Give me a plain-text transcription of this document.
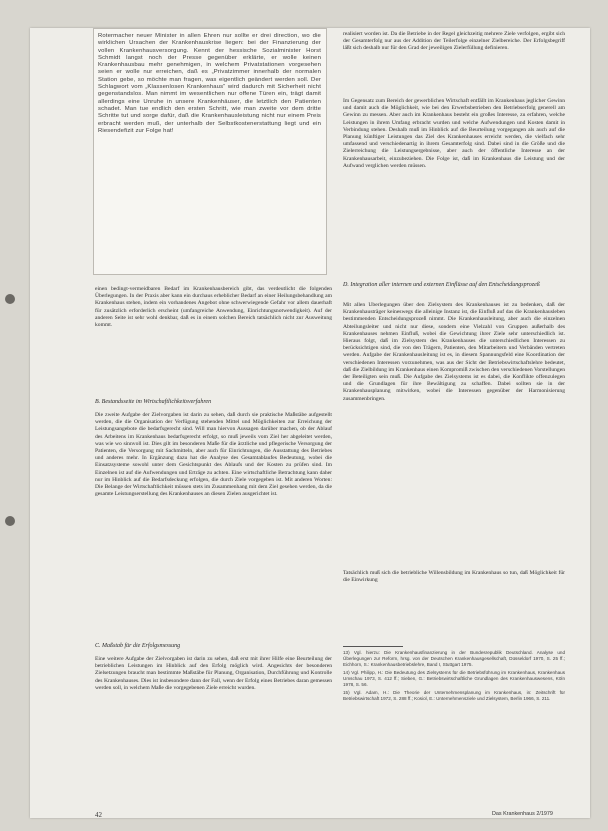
Rotermacher neuer Minister in allen Ehren nur sollte er drei direction, wo die wirklichen Ursachen der Krankenhauskrise liegen: bei der Finanzierung der vollen Krankenhausversorgung. Kennt der hessische Sozialminister Horst Schmidt langst noch der Presse gegenüber erklärte, er wolle keinen Krankenhausbau mehr genehmigen, in welchem Privatstationen vorgesehen seien er wolle nur erreichen, daß es „Privatzimmer innerhalb der normalen Station gebe, so möchte man fragen, was eigentlich geändert werden soll. Der Schlagwort vom „Klassenlosen Krankenhaus“ wird dadurch mit Sicherheit nicht gegenstandslos. Man nimmt im wesentlichen nur offene Türen ein, trägt damit allerdings eine Unruhe in unsere Krankenhäuser, die letztlich den Patienten schadet. Man tue endlich den ersten Schritt, wie man zweite vor dem dritte Schritte tut und sorge dafür, daß die Krankenhausleistung nicht nur einem Preis erbracht werden muß, der unterhalb der Selbstkostenerstattung liegt und ein Riesendefizit zur Folge hat!

einen bedingt-vermeidbaren Bedarf im Krankenhausbereich gibt, das verdeutlicht die folgenden Überlegungen. In der Praxis aber kann ein durchaus erheblicher Bedarf an einer Heilungsbehandlung am Krankenhaus stehen, indem ein vorhandenes Angebot ohne schwerwiegende Gefahr vor allem dauerhaft für zusätzlich erforderlich erscheint (umfangreiche Anwendung, Einrichtungsnotwendigkeit). Auf der anderen Seite ist sehr wohl denkbar, daß es in einem solchen Bereich tatsächlich nicht zur Ausweitung kommt.

B. Bestandsseite im Wirtschaftlichkeitsverfahren

Die zweite Aufgabe der Zielvorgaben ist darin zu sehen, daß durch sie praktische Maßstäbe aufgestellt werden, die die Organisation der Verfügung stehenden Mittel und Möglichkeiten zur Erreichung der Leistungsangebote die bedarfsgerecht sind. Will man hiervon Aussagen darüber machen, ob der Ablauf des Arbeitens im Krankenhaus bedarfsgerecht erfolgt, so muß jeweils vom Ziel her abgeleitet werden, was wie wo sinnvoll ist. Dies gilt im besonderen Maße für die ärztliche und pflegerische Versorgung der Patienten, die Versorgung mit Sachmitteln, aber auch für Einrichtungen, die Ausstattung des Betriebes und anderes mehr. In Ergänzung dazu hat die Analyse des Gesamtablaufes Bedeutung, wobei die Einsatzsysteme sowohl unter dem Gesichtspunkt des Ablaufs und der Kosten zu prüfen sind. Im Einzelnen ist auf die Aufwendungen und Erträge zu achten. Eine wirtschaftliche Betrachtung kann daher nur im Hinblick auf die Bedarfsdeckung erfolgen, die durch Ziele vorgegeben ist. Mit anderen Worten: Die Belange der Wirtschaftlichkeit müssen stets im Zusammenhang mit dem Ziel gesehen werden, da die gesamte Leistungserstellung des Krankenhauses an diesen Zielen ausgerichtet ist.

C. Maßstab für die Erfolgsmessung

Eine weitere Aufgabe der Zielvorgaben ist darin zu sehen, daß erst mit ihrer Hilfe eine Beurteilung der betrieblichen Leistungen im Hinblick auf den Erfolg möglich wird. Angesichts der besonderen Zielsetzungen braucht man bestimmte Maßstäbe für Planung, Organisation, Durchführung und Kontrolle des Krankenhauses. Dies ist insbesondere dann der Fall, wenn der Erfolg eines Betriebes daran gemessen werden soll, in welchem Maße die vorgegebenen Ziele erreicht wurden.

realisiert worden ist. Da die Betriebe in der Regel gleichzeitig mehrere Ziele verfolgen, ergibt sich der Gesamterfolg nur aus der Addition der Teilerfolge einzelner Zielbereiche. Der Erfolgsbegriff läßt sich deshalb nur für den Grad der jeweiligen Zielerfüllung definieren.

Im Gegensatz zum Bereich der gewerblichen Wirtschaft entfällt im Krankenhaus jeglicher Gewinn und damit auch die Möglichkeit, wie bei den Erwerbsbetrieben den Betriebserfolg generell am Gewinn zu messen. Aber auch im Krankenhaus besteht ein großes Interesse, zu erfahren, welche Leistungen in ihrem Umfang erbracht wurden und welche Aufwendungen und Kosten damit in Verbindung stehen. Deshalb muß im Hinblick auf die Beurteilung vorgegangen als auch auf die Planung künftiger Leistungen das Ziel des Krankenhauses erreicht werden, die vielfach sehr umfassend und verschiedenartig in ihrem Gesamterfolg sind. Dabei sind in die Größe und die Zielerreichung die Leistungsergebnisse, aber auch der öffentliche Interesse an der Krankenhausarbeit, einzubeziehen. Die Folge ist, daß im Krankenhaus die Leistung und der Aufwand verglichen werden müssen.

D. Integration aller internen und externen Einflüsse auf den Entscheidungsprozeß

Mit allen Überlegungen über den Zielsystem des Krankenhauses ist zu bedenken, daß der Krankenhausträger keineswegs die alleinige Instanz ist, die Einfluß auf das die Krankenhausleben bestimmenden Entscheidungsprozeß nimmt. Die Krankenhausleitung, aber auch die einzelnen Abteilungsleiter und nicht nur diese, sondern eine Vielzahl von Gruppen außerhalb des Krankenhauses nehmen Einfluß, wobei die Gewichtung ihrer Ziele sehr unterschiedlich ist. Hieraus folgt, daß im Zielsystem des Krankenhauses die unterschiedlichen Interessen zu berücksichtigen sind, die von den Trägern, Patienten, den Mitarbeitern und Verbänden vertreten werden. Aufgabe der Krankenhausleitung ist es, in diesem Spannungsfeld eine Koordination der verschiedenen Interessen vorzunehmen, was aus der Sicht der Betriebswirtschaftslehre bedeutet, daß die Zielbildung im Krankenhaus einen Kompromiß zwischen den verschiedenen Vorstellungen der Beteiligten sein muß. Die Aufgabe des Zielsystems ist es dabei, die Konflikte offenzulegen und die Grundlagen für ihre Bewältigung zu schaffen. Dabei sollten sie in der Krankenhausplanung mitwirken, wobei die Interessen gegenüber der Harmonisierung zusammenbringen.

Tatsächlich muß sich die betriebliche Willensbildung im Krankenhaus so tun, daß Möglichkeit für die Einwirkung

13) Vgl. hierzu: Die Krankenhausfinanzierung in der Bundesrepublik Deutschland. Analyse und Überlegungen zur Reform, hrsg. von der Deutschen Krankenhausgesellschaft, Düsseldorf 1970, S. 25 ff.; Eichhorn, S.: Krankenhausbetriebslehre, Band I, Stuttgart 1975.

14) Vgl. Philipp, H.: Die Bedeutung des Zielsystems für die Betriebsführung im Krankenhaus, Krankenhaus Umschau 1973, S. 412 ff.; Sieben, G.: Betriebswirtschaftliche Grundlagen des Krankenhauswesens, Köln 1978, S. 56.

15) Vgl. Adam, H.: Die Theorie der Unternehmensplanung im Krankenhaus, in: Zeitschrift für Betriebswirtschaft 1972, S. 288 ff.; Kosiol, E.: Unternehmensziele und Zielsystem, Berlin 1966, S. 211.

42	Das Krankenhaus 2/1979
